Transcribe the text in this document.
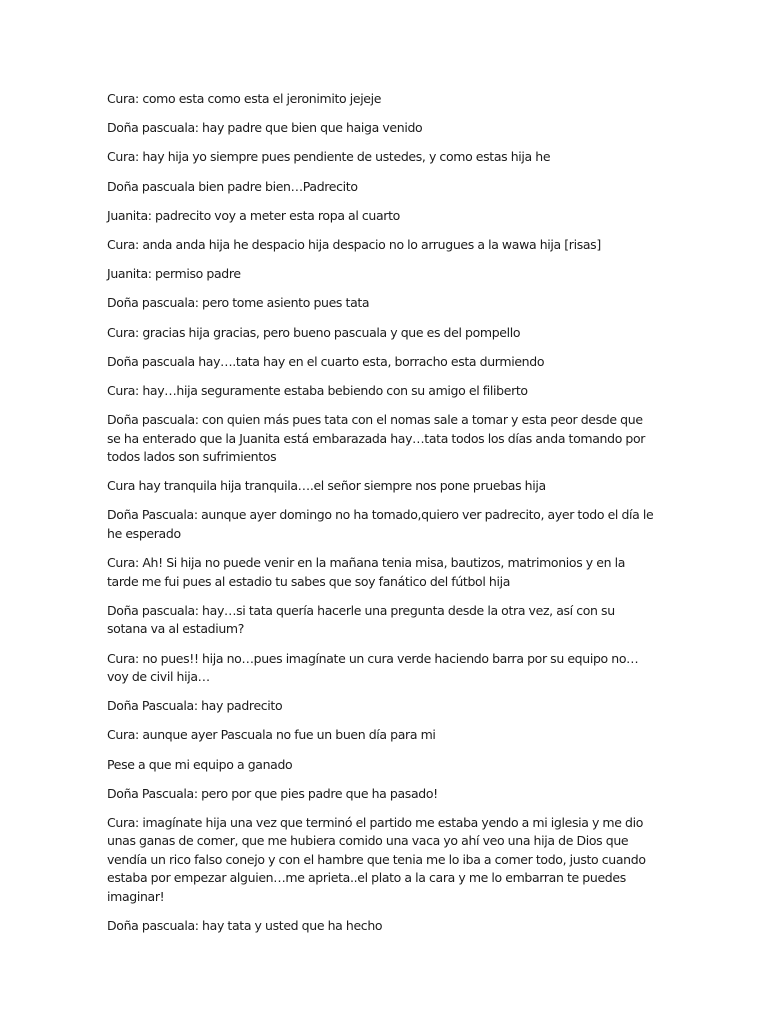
Cura: como esta como esta el jeronimito jejeje

Doña pascuala: hay padre que bien que haiga venido

Cura: hay hija yo siempre pues pendiente de ustedes, y como estas hija he

Doña pascuala bien padre bien…Padrecito

Juanita: padrecito voy a meter esta ropa al cuarto

Cura: anda anda hija he despacio hija despacio no lo arrugues a la wawa hija [risas]

Juanita: permiso padre

Doña pascuala: pero tome asiento pues tata

Cura: gracias hija gracias, pero bueno pascuala y que es del pompello

Doña pascuala hay….tata hay en el cuarto esta, borracho esta durmiendo

Cura: hay…hija seguramente estaba bebiendo con su amigo el filiberto

Doña pascuala: con quien más pues tata con el nomas sale a tomar y esta peor desde que se ha enterado que la Juanita está embarazada hay…tata todos los días anda tomando por todos lados son sufrimientos

Cura hay tranquila hija tranquila….el señor siempre nos pone pruebas hija

Doña Pascuala: aunque ayer domingo no ha tomado,quiero ver padrecito, ayer todo el día le he esperado

Cura: Ah! Si hija no puede venir en la mañana tenia misa, bautizos, matrimonios y en la tarde me fui pues al estadio tu sabes que soy fanático del fútbol hija

Doña pascuala: hay…si tata quería hacerle una pregunta desde la otra vez, así con su sotana va al estadium?

Cura: no pues!! hija no…pues imagínate un cura verde haciendo barra por su equipo no…voy de civil hija…

Doña Pascuala: hay padrecito

Cura: aunque ayer Pascuala no fue un buen día para mi

Pese a que mi equipo a ganado

Doña Pascuala: pero por que pies padre que ha pasado!

Cura: imagínate hija una vez que terminó el partido me estaba yendo a mi iglesia y me dio unas ganas de comer, que me hubiera comido una vaca yo ahí veo una hija de Dios que vendía un rico falso conejo y con el hambre que tenia me lo iba a comer todo, justo cuando estaba por empezar alguien…me aprieta..el plato a la cara y me lo embarran te puedes imaginar!

Doña pascuala: hay tata y usted que ha hecho
